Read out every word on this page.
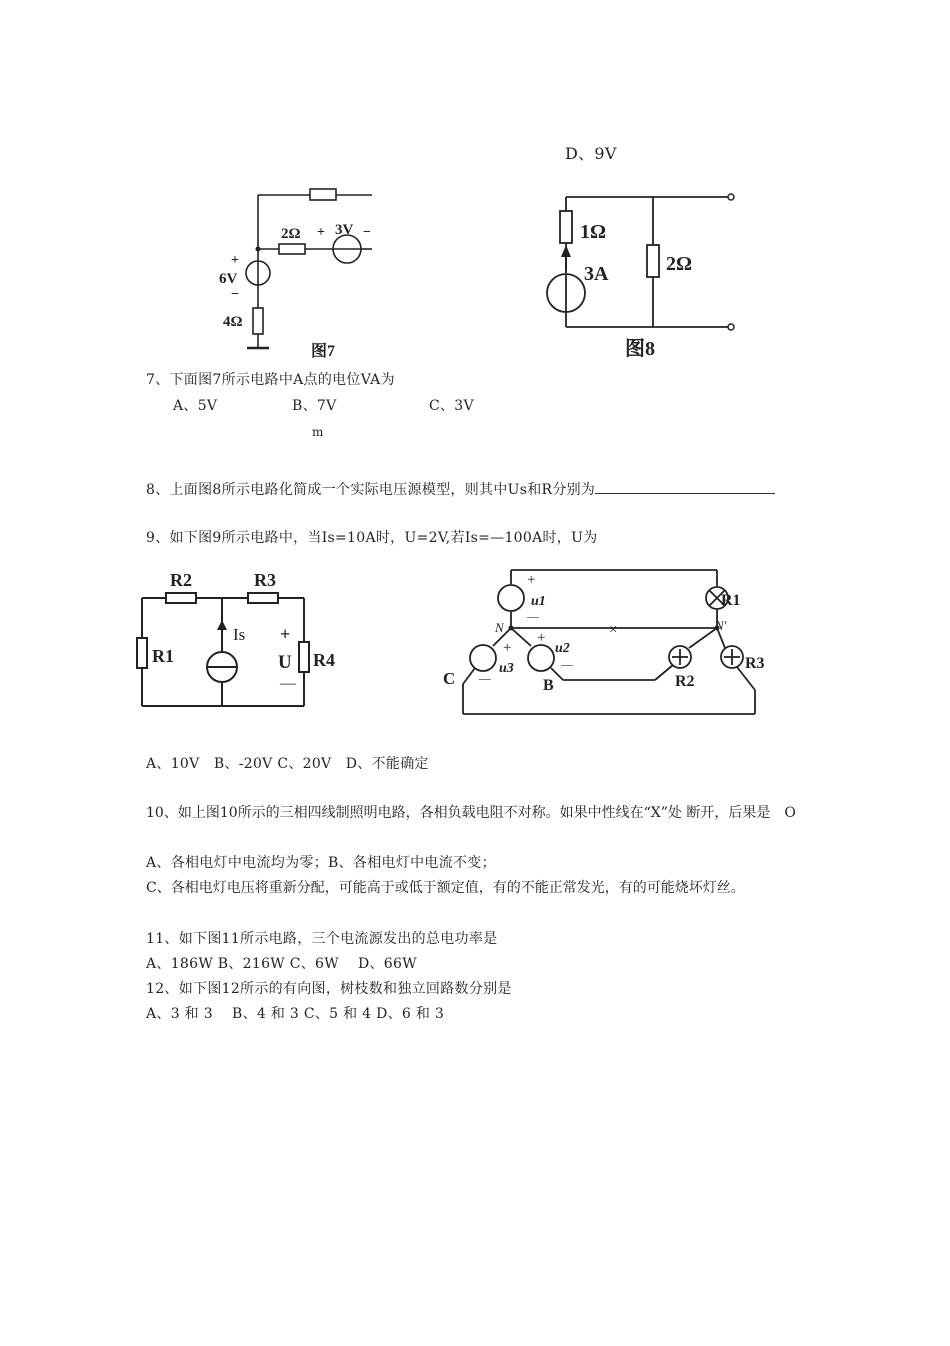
D、9V
+ 3V −
2Ω
+
6V
−
4Ω
图7
1Ω
3A	2Ω
图8
7、下面图7所示电路中A点的电位VA为
A、5V	B、7V	C、3V
m
8、上面图8所示电路化简成一个实际电压源模型，则其中Us和R分别为
9、如下图9所示电路中，当Is=10A时，U=2V,若Is=—100A时，U为
R2	R3
R1	R4
Is +
U
—
+
u1
—
R1
N	N′
×
+
u2
—
+
u3
—
C	B	R2
R3
A、10V　B、-20V C、20V　D、不能确定
10、如上图10所示的三相四线制照明电路，各相负载电阻不对称。如果中性线在“X”处 断开，后果是　O
A、各相电灯中电流均为零；B、各相电灯中电流不变；
C、各相电灯电压将重新分配，可能高于或低于额定值，有的不能正常发光，有的可能烧坏灯丝。
11、如下图11所示电路，三个电流源发出的总电功率是
A、186W B、216W C、6W　 D、66W
12、如下图12所示的有向图，树枝数和独立回路数分别是
A、3 和 3　 B、4 和 3 C、5 和 4 D、6 和 3
